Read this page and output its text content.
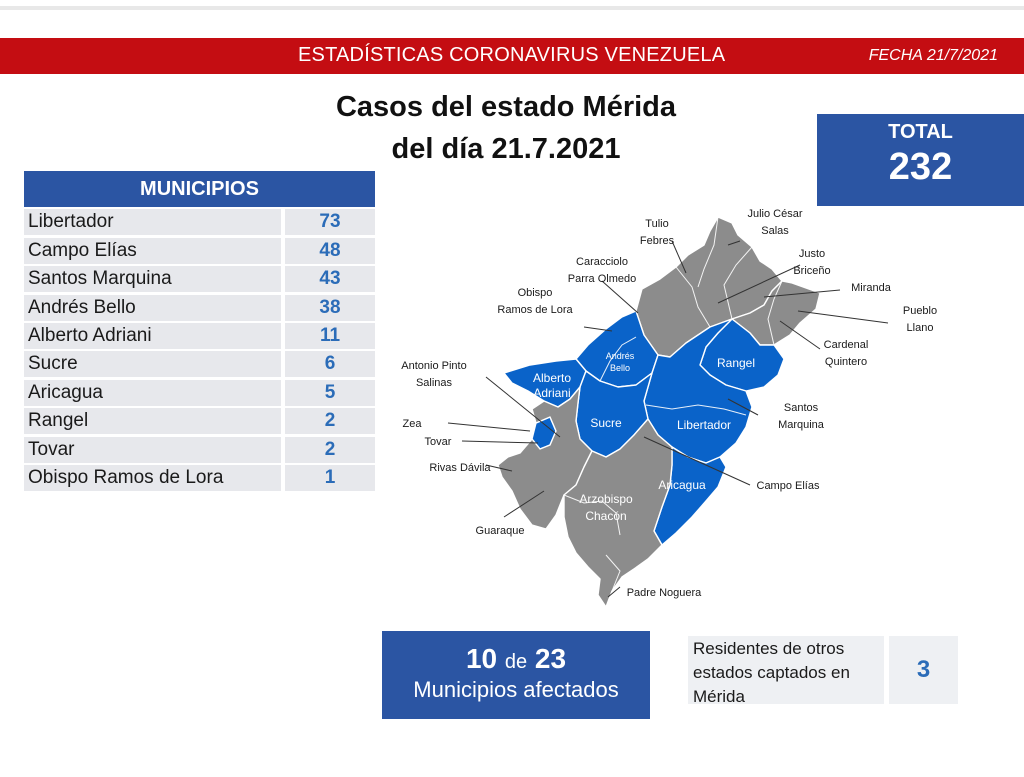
ESTADÍSTICAS CORONAVIRUS VENEZUELA	FECHA 21/7/2021
Casos del estado Mérida
del día 21.7.2021
TOTAL
232
MUNICIPIOS
Libertador	73
Campo Elías	48
Santos Marquina	43
Andrés Bello	38
Alberto Adriani	11
Sucre	6
Aricagua	5
Rangel	2
Tovar	2
Obispo Ramos de Lora	1
Andrés Bello
Alberto Adriani
Sucre	Libertador
Rangel
Aricagua
Arzobispo Chacón
Tulio Febres
Julio César Salas
Caracciolo Parra Olmedo
Justo Briceño
Miranda
Obispo Ramos de Lora	Pueblo Llano
Cardenal Quintero
Antonio Pinto Salinas
Santos Marquina
Zea
Tovar
Rivas Dávila
Campo Elías
Guaraque
Padre Noguera
10 de 23
Municipios afectados
Residentes de otros
estados captados en
Mérida
3
